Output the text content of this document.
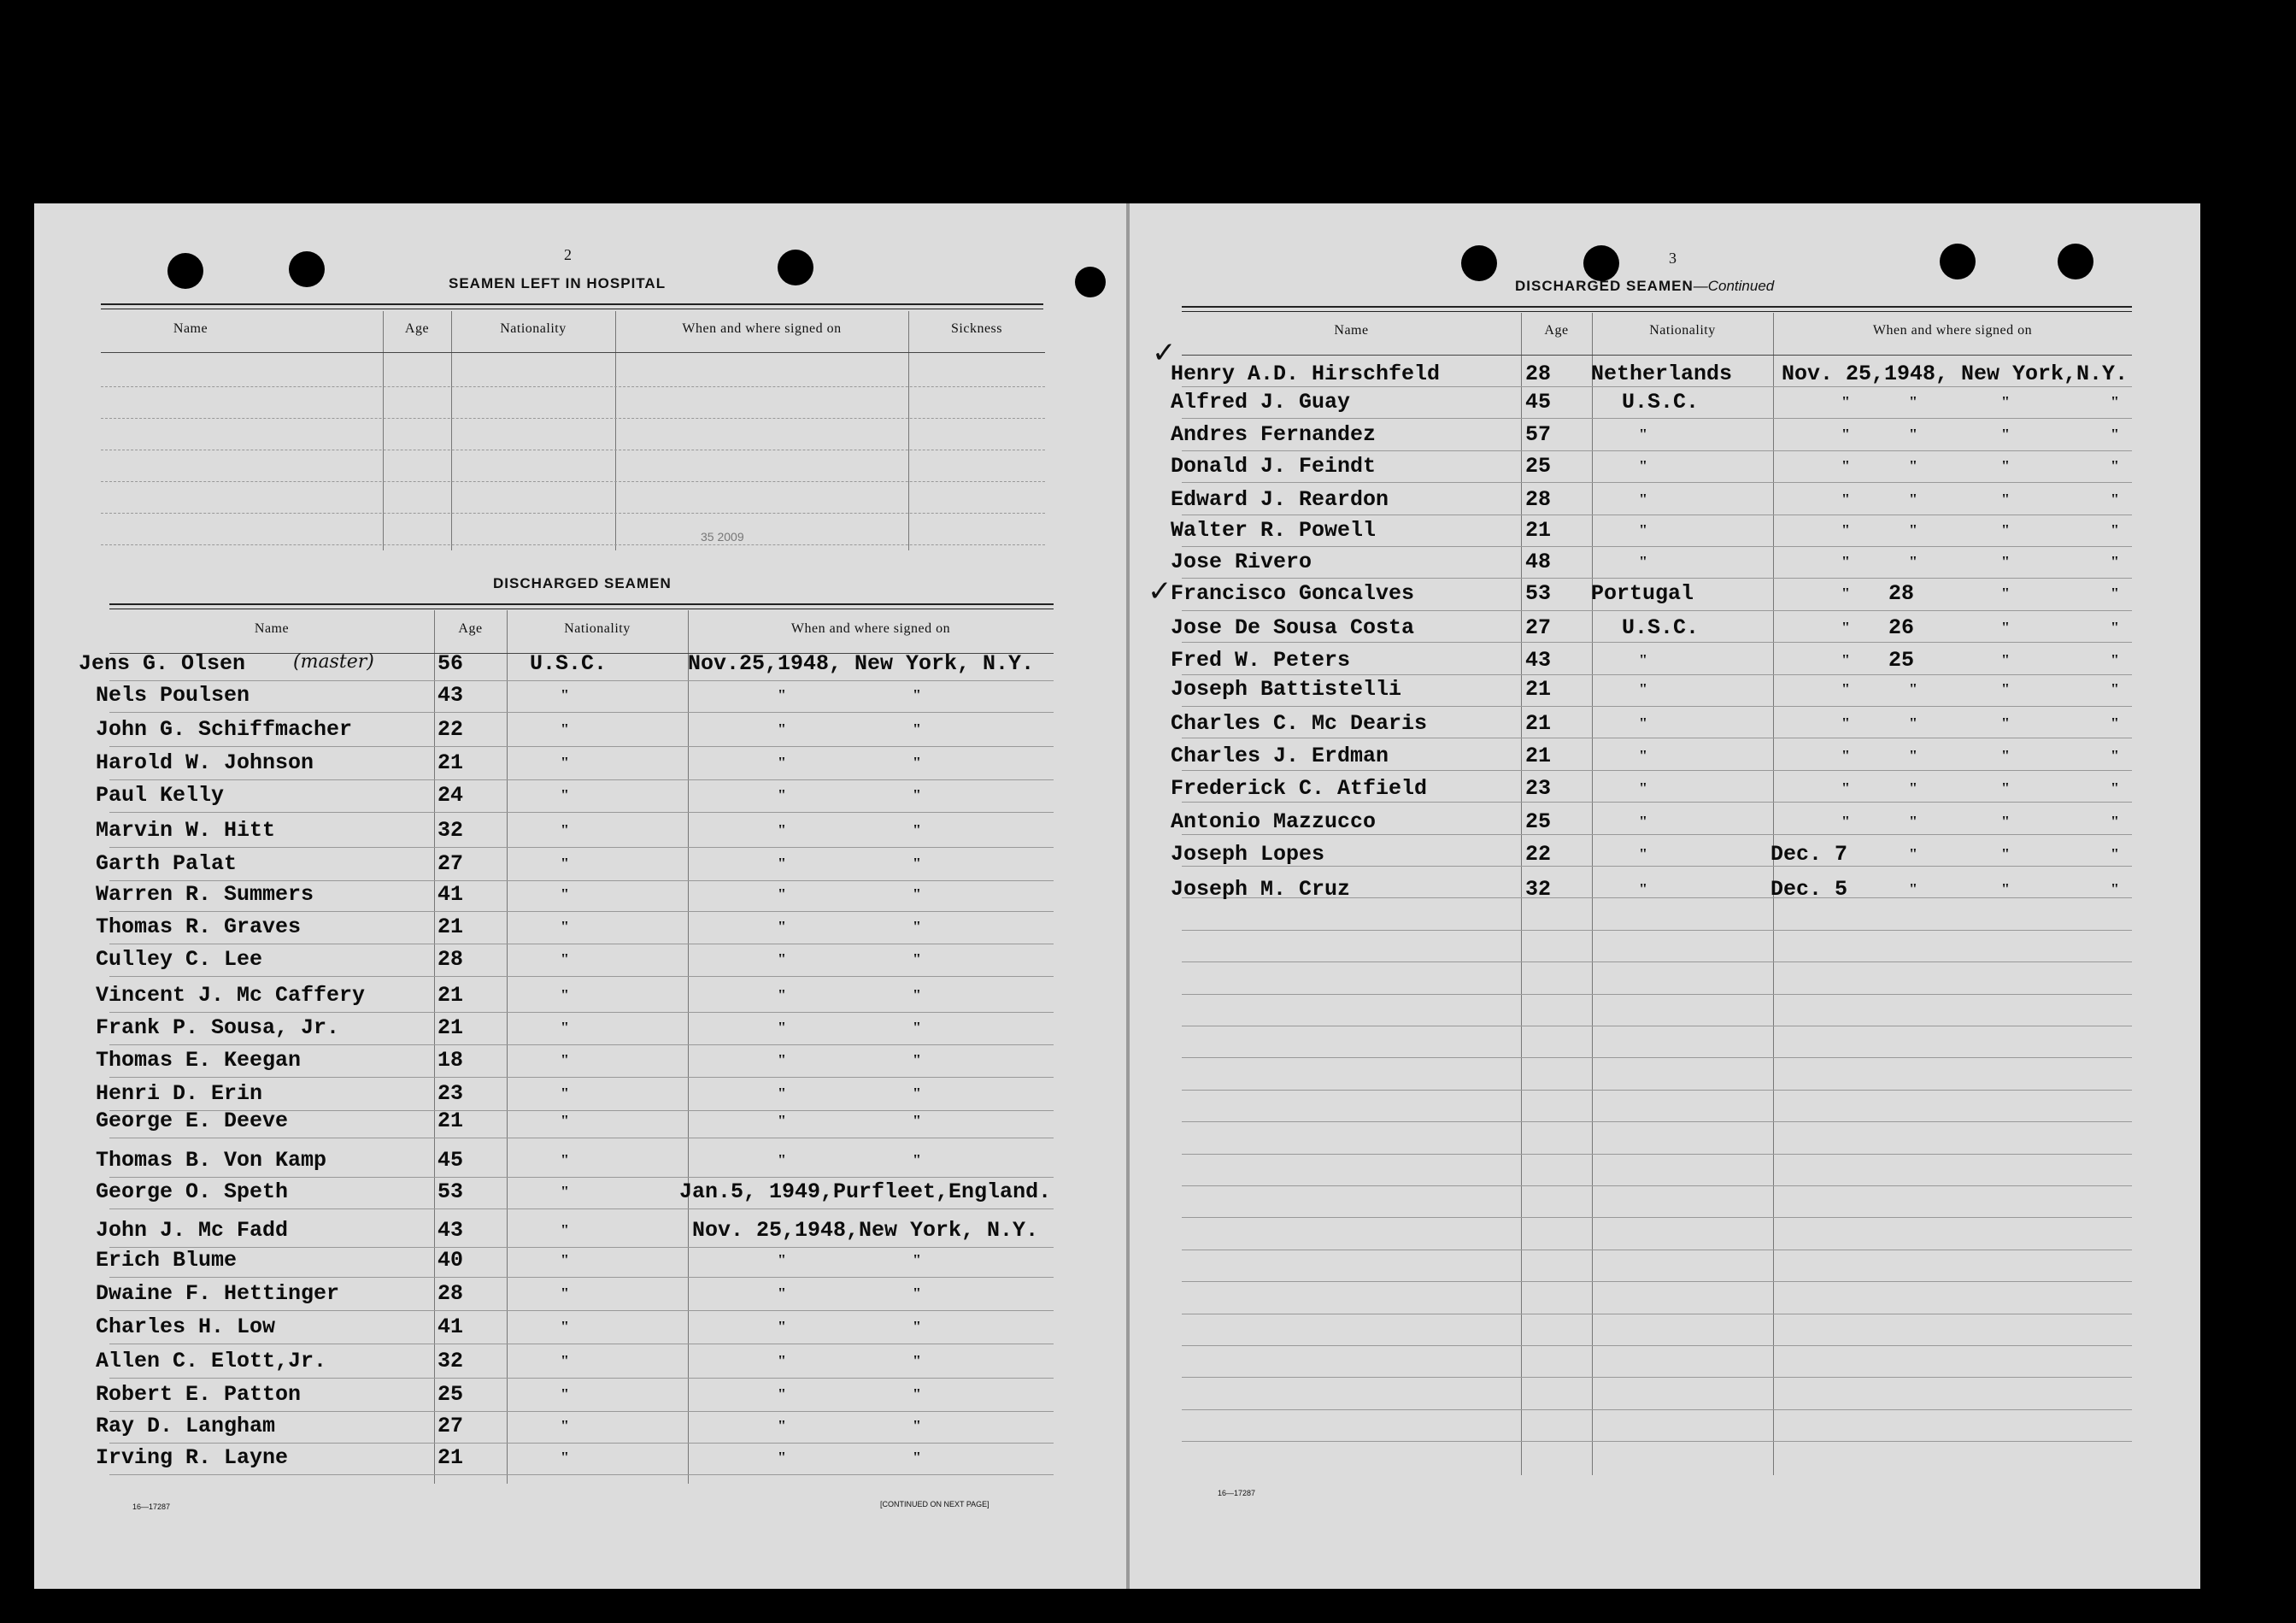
2
SEAMEN LEFT IN HOSPITAL
Name	Age	Nationality	When and where signed on	Sickness
35 2009
DISCHARGED SEAMEN
Name	Age	Nationality	When and where signed on
Jens G. Olsen	56	U.S.C.	Nov.25,1948, New York, N.Y.
Nels Poulsen	43	"	"	"
John G. Schiffmacher	22	"	"	"
Harold W. Johnson	21	"	"	"
Paul Kelly	24	"	"	"
Marvin W. Hitt	32	"	"	"
Garth Palat	27	"	"	"
Warren R. Summers	41	"	"	"
Thomas R. Graves	21	"	"	"
Culley C. Lee	28	"	"	"
Vincent J. Mc Caffery	21	"	"	"
Frank P. Sousa, Jr.	21	"	"	"
Thomas E. Keegan	18	"	"	"
Henri D. Erin	23	"	"	"
George E. Deeve	21	"	"	"
Thomas B. Von Kamp	45	"	"	"
George O. Speth	53	"	Jan.5, 1949,Purfleet,England.
John J. Mc Fadd	43	"	Nov. 25,1948,New York, N.Y.
Erich Blume	40	"	"	"
Dwaine F. Hettinger	28	"	"	"
Charles H. Low	41	"	"	"
Allen C. Elott,Jr.	32	"	"	"
Robert E. Patton	25	"	"	"
Ray D. Langham	27	"	"	"
Irving R. Layne	21	"	"	"
(master)
16—17287	[CONTINUED ON NEXT PAGE]
3
DISCHARGED SEAMEN—Continued
Name	Age	Nationality	When and where signed on
Henry A.D. Hirschfeld	28 Netherlands Nov. 25,1948, New York,N.Y.
Alfred J. Guay	45	U.S.C.	"	"	"	"
Andres Fernandez	57	"	"	"	"	"
Donald J. Feindt	25	"	"	"	"	"
Edward J. Reardon	28	"	"	"	"	"
Walter R. Powell	21	"	"	"	"	"
Jose Rivero	48	"	"	"	"	"
Francisco Goncalves	53 Portugal	" 28	"	"
Jose De Sousa Costa	27	U.S.C.	" 26	"	"
Fred W. Peters	43	"	" 25	"	"
Joseph Battistelli	21	"	"	"	"	"
Charles C. Mc Dearis	21	"	"	"	"	"
Charles J. Erdman	21	"	"	"	"	"
Frederick C. Atfield	23	"	"	"	"	"
Antonio Mazzucco	25	"	"	"	"	"
Joseph Lopes	22	"	Dec. 7	"	"	"
Joseph M. Cruz	32	"	Dec. 5	"	"	"
✓
✓
16—17287
